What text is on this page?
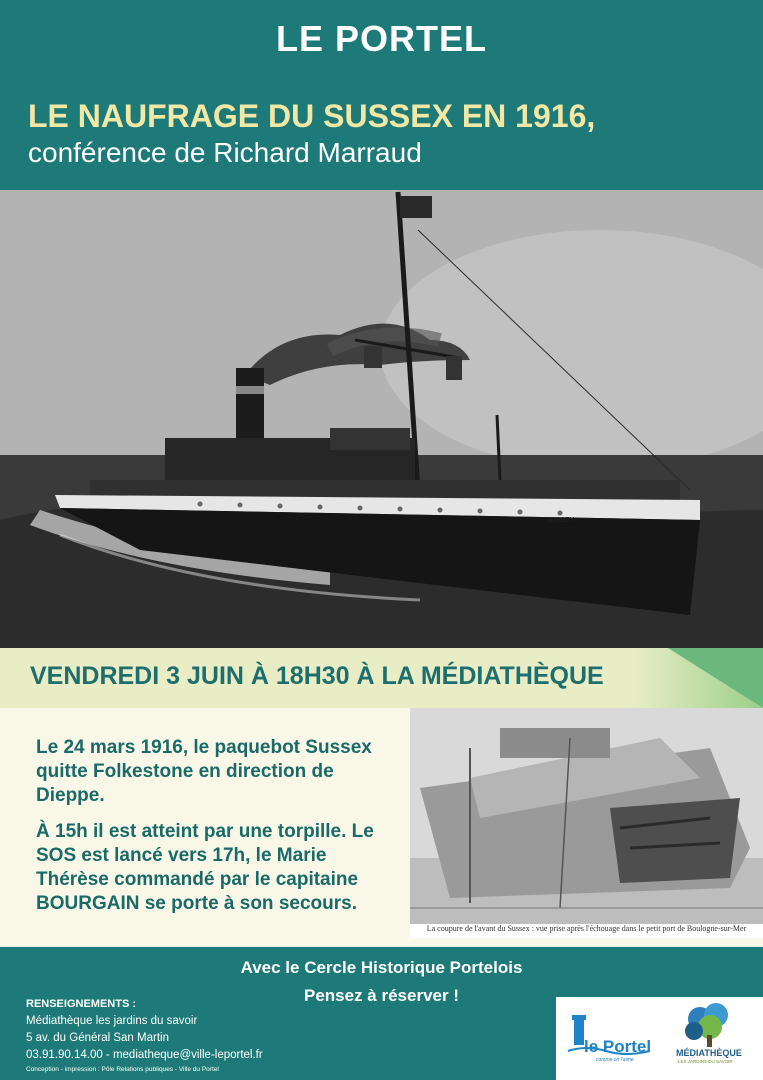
LE PORTEL
LE NAUFRAGE DU SUSSEX EN 1916,
conférence de Richard Marraud
SUSSEX
VENDREDI 3 JUIN À 18H30 À LA MÉDIATHÈQUE

Le 24 mars 1916, le paquebot Sussex quitte Folkestone en direction de Dieppe.

À 15h il est atteint par une torpille. Le SOS est lancé vers 17h, le Marie Thérèse commandé par le capitaine BOURGAIN se porte à son secours.

La coupure de l'avant du Sussex : vue prise après l'échouage dans le petit port de Boulogne-sur-Mer
Avec le Cercle Historique Portelois
Pensez à réserver !
RENSEIGNEMENTS :
Médiathèque les jardins du savoir
5 av. du Général San Martin
03.91.90.14.00 - mediatheque@ville-leportel.fr
Conception - impression : Pôle Relations publiques - Ville du Portel
le Portel
comme on l'aime
MÉDIATHÈQUE
LES JARDINS DU SAVOIR
